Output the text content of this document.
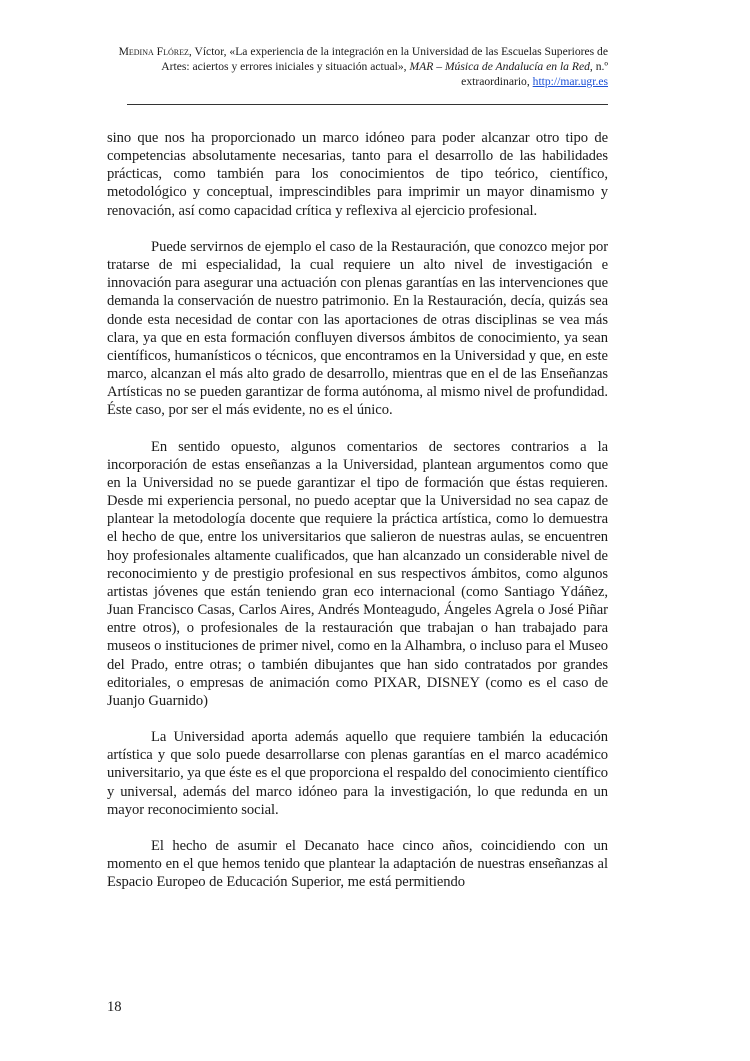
Medina Flórez, Víctor, «La experiencia de la integración en la Universidad de las Escuelas Superiores de Artes: aciertos y errores iniciales y situación actual», MAR – Música de Andalucía en la Red, n.º extraordinario, http://mar.ugr.es

sino que nos ha proporcionado un marco idóneo para poder alcanzar otro tipo de competencias absolutamente necesarias, tanto para el desarrollo de las habilidades prácticas, como también para los conocimientos de tipo teórico, científico, metodológico y conceptual, imprescindibles para imprimir un mayor dinamismo y renovación, así como capacidad crítica y reflexiva al ejercicio profesional.

Puede servirnos de ejemplo el caso de la Restauración, que conozco mejor por tratarse de mi especialidad, la cual requiere un alto nivel de investigación e innovación para asegurar una actuación con plenas garantías en las intervenciones que demanda la conservación de nuestro patrimonio. En la Restauración, decía, quizás sea donde esta necesidad de contar con las aportaciones de otras disciplinas se vea más clara, ya que en esta formación confluyen diversos ámbitos de conocimiento, ya sean científicos, humanísticos o técnicos, que encontramos en la Universidad y que, en este marco, alcanzan el más alto grado de desarrollo, mientras que en el de las Enseñanzas Artísticas no se pueden garantizar de forma autónoma, al mismo nivel de profundidad. Éste caso, por ser el más evidente, no es el único.

En sentido opuesto, algunos comentarios de sectores contrarios a la incorporación de estas enseñanzas a la Universidad, plantean argumentos como que en la Universidad no se puede garantizar el tipo de formación que éstas requieren. Desde mi experiencia personal, no puedo aceptar que la Universidad no sea capaz de plantear la metodología docente que requiere la práctica artística, como lo demuestra el hecho de que, entre los universitarios que salieron de nuestras aulas, se encuentren hoy profesionales altamente cualificados, que han alcanzado un considerable nivel de reconocimiento y de prestigio profesional en sus respectivos ámbitos, como algunos artistas jóvenes que están teniendo gran eco internacional (como Santiago Ydáñez, Juan Francisco Casas, Carlos Aires, Andrés Monteagudo, Ángeles Agrela o José Piñar entre otros), o profesionales de la restauración que trabajan o han trabajado para museos o instituciones de primer nivel, como en la Alhambra, o incluso para el Museo del Prado, entre otras; o también dibujantes que han sido contratados por grandes editoriales, o empresas de animación como PIXAR, DISNEY (como es el caso de Juanjo Guarnido)

La Universidad aporta además aquello que requiere también la educación artística y que solo puede desarrollarse con plenas garantías en el marco académico universitario, ya que éste es el que proporciona el respaldo del conocimiento científico y universal, además del marco idóneo para la investigación, lo que redunda en un mayor reconocimiento social.

El hecho de asumir el Decanato hace cinco años, coincidiendo con un momento en el que hemos tenido que plantear la adaptación de nuestras enseñanzas al Espacio Europeo de Educación Superior, me está permitiendo

18
